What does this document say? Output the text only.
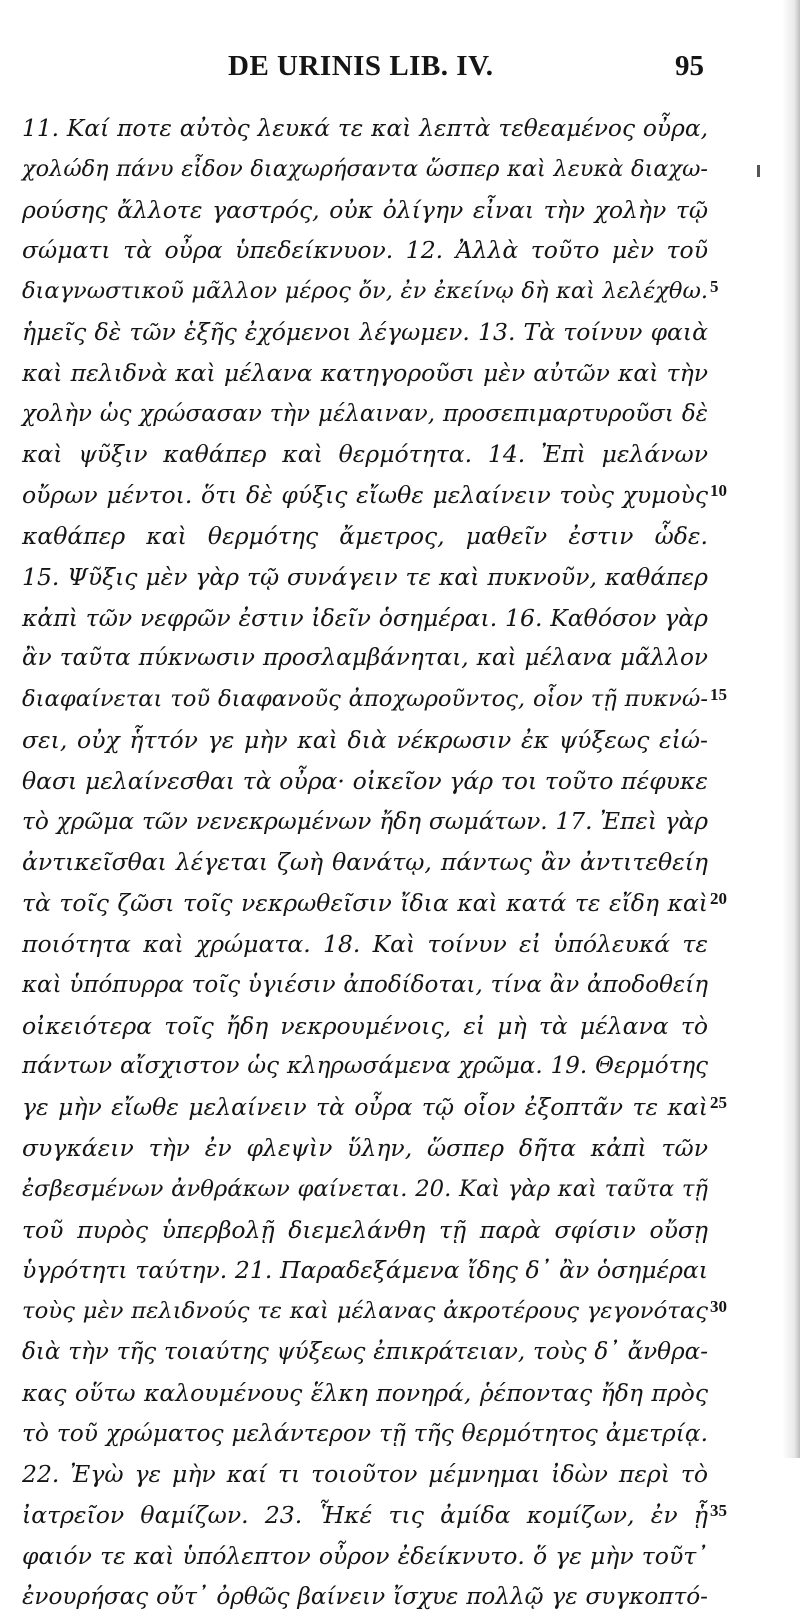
DE URINIS LIB. IV.	95
11. Καί ποτε αὐτὸς λευκά τε καὶ λεπτὰ τεθεαμένος οὖρα,
χολώδη πάνυ εἶδον διαχωρήσαντα ὥσπερ καὶ λευκὰ διαχω-
ρούσης ἄλλοτε γαστρός, οὐκ ὀλίγην εἶναι τὴν χολὴν τῷ
σώματι τὰ οὖρα ὑπεδείκνυον. 12. Ἀλλὰ τοῦτο μὲν τοῦ
διαγνωστικοῦ μᾶλλον μέρος ὄν, ἐν ἐκείνῳ δὴ καὶ λελέχθω.
ἡμεῖς δὲ τῶν ἑξῆς ἐχόμενοι λέγωμεν. 13. Τὰ τοίνυν φαιὰ
καὶ πελιδνὰ καὶ μέλανα κατηγοροῦσι μὲν αὐτῶν καὶ τὴν
χολὴν ὡς χρώσασαν τὴν μέλαιναν, προσεπιμαρτυροῦσι δὲ
καὶ ψῦξιν καθάπερ καὶ θερμότητα. 14. Ἐπὶ μελάνων
οὔρων μέντοι. ὅτι δὲ φύξις εἴωθε μελαίνειν τοὺς χυμοὺς
καθάπερ καὶ θερμότης ἄμετρος, μαθεῖν ἐστιν ὧδε.
15. Ψῦξις μὲν γὰρ τῷ συνάγειν τε καὶ πυκνοῦν, καθάπερ
κἀπὶ τῶν νεφρῶν ἐστιν ἰδεῖν ὁσημέραι. 16. Καθόσον γὰρ
ἂν ταῦτα πύκνωσιν προσλαμβάνηται, καὶ μέλανα μᾶλλον
διαφαίνεται τοῦ διαφανοῦς ἀποχωροῦντος, οἷον τῇ πυκνώ-
σει, οὐχ ἧττόν γε μὴν καὶ διὰ νέκρωσιν ἐκ ψύξεως εἰώ-
θασι μελαίνεσθαι τὰ οὖρα· οἰκεῖον γάρ τοι τοῦτο πέφυκε
τὸ χρῶμα τῶν νενεκρωμένων ἤδη σωμάτων. 17. Ἐπεὶ γὰρ
ἀντικεῖσθαι λέγεται ζωὴ θανάτῳ, πάντως ἂν ἀντιτεθείη
τὰ τοῖς ζῶσι τοῖς νεκρωθεῖσιν ἴδια καὶ κατά τε εἴδη καὶ
ποιότητα καὶ χρώματα. 18. Καὶ τοίνυν εἰ ὑπόλευκά τε
καὶ ὑπόπυρρα τοῖς ὑγιέσιν ἀποδίδοται, τίνα ἂν ἀποδοθείη
οἰκειότερα τοῖς ἤδη νεκρουμένοις, εἰ μὴ τὰ μέλανα τὸ
πάντων αἴσχιστον ὡς κληρωσάμενα χρῶμα. 19. Θερμότης
γε μὴν εἴωθε μελαίνειν τὰ οὖρα τῷ οἷον ἐξοπτᾶν τε καὶ
συγκάειν τὴν ἐν φλεψὶν ὕλην, ὥσπερ δῆτα κἀπὶ τῶν
ἐσβεσμένων ἀνθράκων φαίνεται. 20. Καὶ γὰρ καὶ ταῦτα τῇ
τοῦ πυρὸς ὑπερβολῇ διεμελάνθη τῇ παρὰ σφίσιν οὔσῃ
ὑγρότητι ταύτην. 21. Παραδεξάμενα ἴδης δ᾽ ἂν ὁσημέραι
τοὺς μὲν πελιδνούς τε καὶ μέλανας ἀκροτέρους γεγονότας
διὰ τὴν τῆς τοιαύτης ψύξεως ἐπικράτειαν, τοὺς δ᾽ ἄνθρα-
κας οὕτω καλουμένους ἕλκη πονηρά, ῥέποντας ἤδη πρὸς
τὸ τοῦ χρώματος μελάντερον τῇ τῆς θερμότητος ἀμετρίᾳ.
22. Ἐγὼ γε μὴν καί τι τοιοῦτον μέμνημαι ἰδὼν περὶ τὸ
ἰατρεῖον θαμίζων. 23. Ἧκέ τις ἀμίδα κομίζων, ἐν ᾗ
φαιόν τε καὶ ὑπόλεπτον οὖρον ἐδείκνυτο. ὅ γε μὴν τοῦτ᾽
ἐνουρήσας οὔτ᾽ ὀρθῶς βαίνειν ἴσχυε πολλῷ γε συγκοπτό-
5
10
15
20
25
30
35
